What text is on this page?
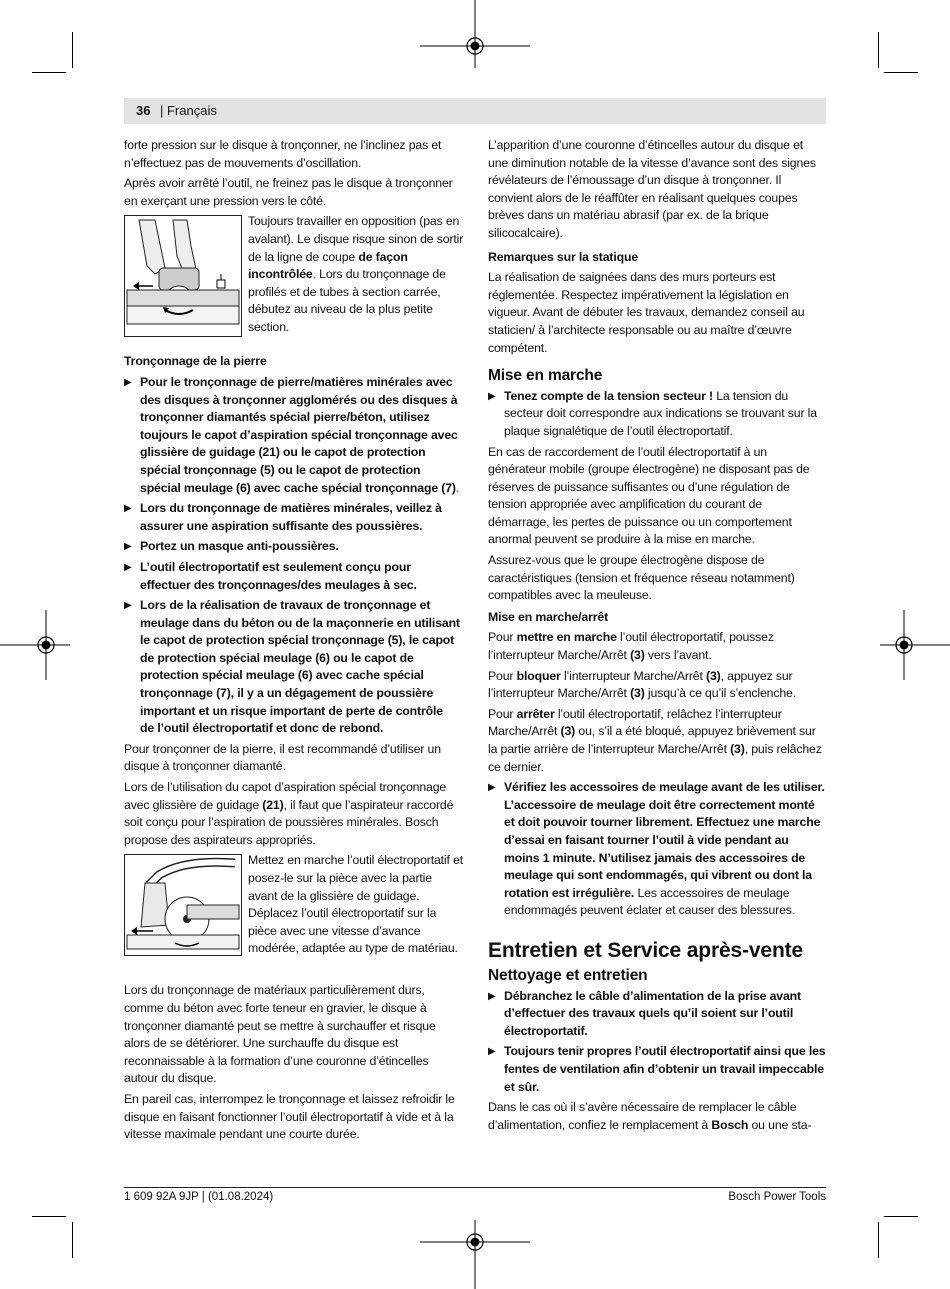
36 | Français

forte pression sur le disque à tronçonner, ne l’inclinez pas et n’effectuez pas de mouvements d’oscillation.

Après avoir arrêté l’outil, ne freinez pas le disque à tronçonner en exerçant une pression vers le côté.

Toujours travailler en opposition (pas en avalant). Le disque risque sinon de sortir de la ligne de coupe de façon incontrôlée. Lors du tronçonnage de profilés et de tubes à section carrée, débutez au niveau de la plus petite section.

Tronçonnage de la pierre

▶ Pour le tronçonnage de pierre/matières minérales avec des disques à tronçonner agglomérés ou des disques à tronçonner diamantés spécial pierre/béton, utilisez toujours le capot d’aspiration spécial tronçonnage avec glissière de guidage (21) ou le capot de protection spécial tronçonnage (5) ou le capot de protection spécial meulage (6) avec cache spécial tronçonnage (7).
▶ Lors du tronçonnage de matières minérales, veillez à assurer une aspiration suffisante des poussières.
▶ Portez un masque anti-poussières.
▶ L’outil électroportatif est seulement conçu pour effectuer des tronçonnages/des meulages à sec.
▶ Lors de la réalisation de travaux de tronçonnage et meulage dans du béton ou de la maçonnerie en utilisant le capot de protection spécial tronçonnage (5), le capot de protection spécial meulage (6) ou le capot de protection spécial meulage (6) avec cache spécial tronçonnage (7), il y a un dégagement de poussière important et un risque important de perte de contrôle de l’outil électroportatif et donc de rebond.

Pour tronçonner de la pierre, il est recommandé d’utiliser un disque à tronçonner diamanté.

Lors de l’utilisation du capot d’aspiration spécial tronçonnage avec glissière de guidage (21), il faut que l’aspirateur raccordé soit conçu pour l’aspiration de poussières minérales. Bosch propose des aspirateurs appropriés.

Mettez en marche l’outil électroportatif et posez-le sur la pièce avec la partie avant de la glissière de guidage. Déplacez l’outil électroportatif sur la pièce avec une vitesse d’avance modérée, adaptée au type de matériau.

Lors du tronçonnage de matériaux particulièrement durs, comme du béton avec forte teneur en gravier, le disque à tronçonner diamanté peut se mettre à surchauffer et risque alors de se détériorer. Une surchauffe du disque est reconnaissable à la formation d’une couronne d’étincelles autour du disque.

En pareil cas, interrompez le tronçonnage et laissez refroidir le disque en faisant fonctionner l’outil électroportatif à vide et à la vitesse maximale pendant une courte durée.

L’apparition d’une couronne d’étincelles autour du disque et une diminution notable de la vitesse d’avance sont des signes révélateurs de l’émoussage d’un disque à tronçonner. Il convient alors de le réaffûter en réalisant quelques coupes brèves dans un matériau abrasif (par ex. de la brique silicocalcaire).

Remarques sur la statique

La réalisation de saignées dans des murs porteurs est réglementée. Respectez impérativement la législation en vigueur. Avant de débuter les travaux, demandez conseil au staticien/ à l’architecte responsable ou au maître d’œuvre compétent.

Mise en marche

▶ Tenez compte de la tension secteur ! La tension du secteur doit correspondre aux indications se trouvant sur la plaque signalétique de l’outil électroportatif.

En cas de raccordement de l’outil électroportatif à un générateur mobile (groupe électrogène) ne disposant pas de réserves de puissance suffisantes ou d’une régulation de tension appropriée avec amplification du courant de démarrage, les pertes de puissance ou un comportement anormal peuvent se produire à la mise en marche.

Assurez-vous que le groupe électrogène dispose de caractéristiques (tension et fréquence réseau notamment) compatibles avec la meuleuse.

Mise en marche/arrêt

Pour mettre en marche l’outil électroportatif, poussez l’interrupteur Marche/Arrêt (3) vers l’avant.

Pour bloquer l’interrupteur Marche/Arrêt (3), appuyez sur l’interrupteur Marche/Arrêt (3) jusqu’à ce qu’il s’enclenche.

Pour arrêter l’outil électroportatif, relâchez l’interrupteur Marche/Arrêt (3) ou, s’il a été bloqué, appuyez brièvement sur la partie arrière de l’interrupteur Marche/Arrêt (3), puis relâchez ce dernier.

▶ Vérifiez les accessoires de meulage avant de les utiliser. L’accessoire de meulage doit être correctement monté et doit pouvoir tourner librement. Effectuez une marche d’essai en faisant tourner l’outil à vide pendant au moins 1 minute. N’utilisez jamais des accessoires de meulage qui sont endommagés, qui vibrent ou dont la rotation est irrégulière. Les accessoires de meulage endommagés peuvent éclater et causer des blessures.

Entretien et Service après-vente

Nettoyage et entretien

▶ Débranchez le câble d’alimentation de la prise avant d’effectuer des travaux quels qu’il soient sur l’outil électroportatif.
▶ Toujours tenir propres l’outil électroportatif ainsi que les fentes de ventilation afin d’obtenir un travail impeccable et sûr.

Dans le cas où il s’avère nécessaire de remplacer le câble d’alimentation, confiez le remplacement à Bosch ou une sta-

1 609 92A 9JP | (01.08.2024)	Bosch Power Tools
